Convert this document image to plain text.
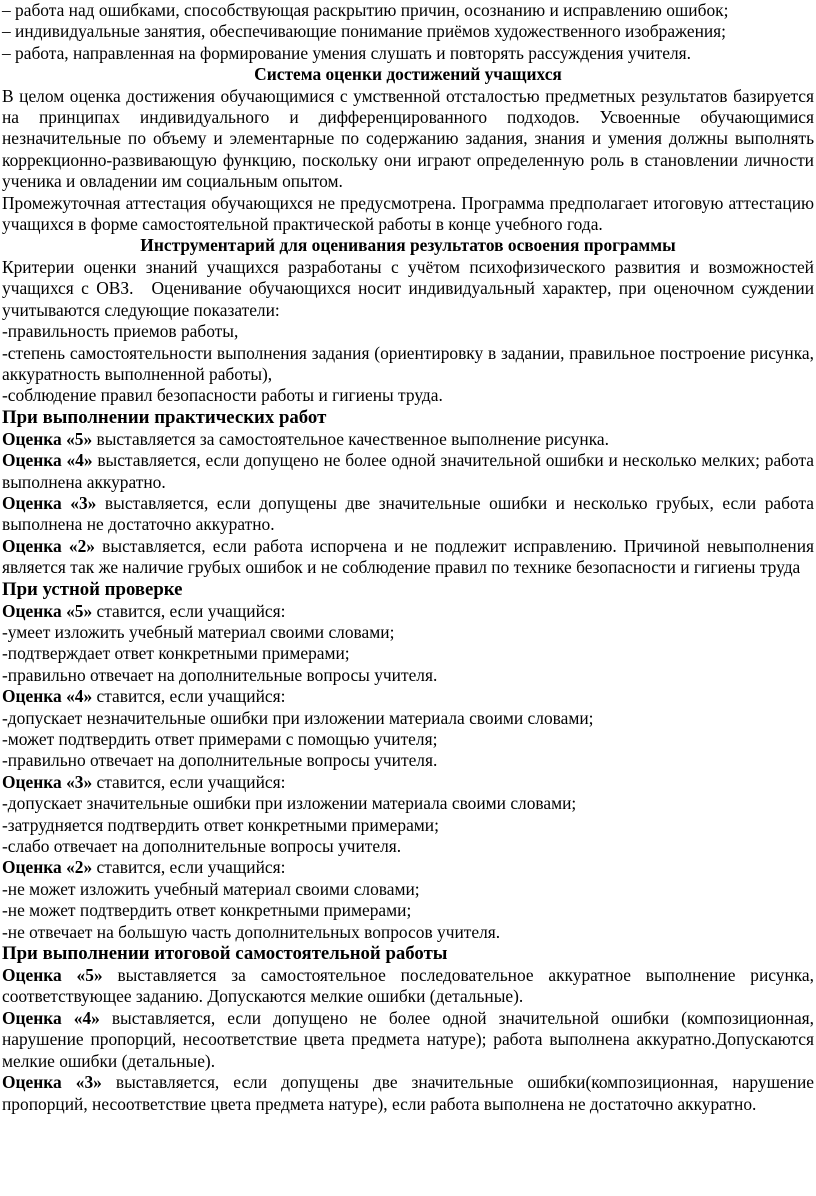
– работа над ошибками, способствующая раскрытию причин, осознанию и исправлению ошибок;

– индивидуальные занятия, обеспечивающие понимание приёмов художественного изображения;

– работа, направленная на формирование умения слушать и повторять рассуждения учителя.

Система оценки достижений учащихся

В целом оценка достижения обучающимися с умственной отсталостью предметных результатов базируется на принципах индивидуального и дифференцированного подходов. Усвоенные обучающимися незначительные по объему и элементарные по содержанию задания, знания и умения должны выполнять коррекционно-развивающую функцию, поскольку они играют определенную роль в становлении личности ученика и овладении им социальным опытом.

Промежуточная аттестация обучающихся не предусмотрена. Программа предполагает итоговую аттестацию учащихся в форме самостоятельной практической работы в конце учебного года.

Инструментарий для оценивания результатов освоения программы

Критерии оценки знаний учащихся разработаны с учётом психофизического развития и возможностей учащихся с ОВЗ. Оценивание обучающихся носит индивидуальный характер, при оценочном суждении учитываются следующие показатели:

-правильность приемов работы,

-степень самостоятельности выполнения задания (ориентировку в задании, правильное построение рисунка, аккуратность выполненной работы),

-соблюдение правил безопасности работы и гигиены труда.

При выполнении практических работ

Оценка «5» выставляется за самостоятельное качественное выполнение рисунка.

Оценка «4» выставляется, если допущено не более одной значительной ошибки и несколько мелких; работа выполнена аккуратно.

Оценка «3» выставляется, если допущены две значительные ошибки и несколько грубых, если работа выполнена не достаточно аккуратно.

Оценка «2» выставляется, если работа испорчена и не подлежит исправлению. Причиной невыполнения является так же наличие грубых ошибок и не соблюдение правил по технике безопасности и гигиены труда

При устной проверке

Оценка «5» ставится, если учащийся:

-умеет изложить учебный материал своими словами;

-подтверждает ответ конкретными примерами;

-правильно отвечает на дополнительные вопросы учителя.

Оценка «4» ставится, если учащийся:

-допускает незначительные ошибки при изложении материала своими словами;

-может подтвердить ответ примерами с помощью учителя;

-правильно отвечает на дополнительные вопросы учителя.

Оценка «3» ставится, если учащийся:

-допускает значительные ошибки при изложении материала своими словами;

-затрудняется подтвердить ответ конкретными примерами;

-слабо отвечает на дополнительные вопросы учителя.

Оценка «2» ставится, если учащийся:

-не может изложить учебный материал своими словами;

-не может подтвердить ответ конкретными примерами;

-не отвечает на большую часть дополнительных вопросов учителя.

При выполнении итоговой самостоятельной работы

Оценка «5» выставляется за самостоятельное последовательное аккуратное выполнение рисунка, соответствующее заданию. Допускаются мелкие ошибки (детальные).

Оценка «4» выставляется, если допущено не более одной значительной ошибки (композиционная, нарушение пропорций, несоответствие цвета предмета натуре); работа выполнена аккуратно.Допускаются мелкие ошибки (детальные).

Оценка «3» выставляется, если допущены две значительные ошибки(композиционная, нарушение пропорций, несоответствие цвета предмета натуре), если работа выполнена не достаточно аккуратно.
